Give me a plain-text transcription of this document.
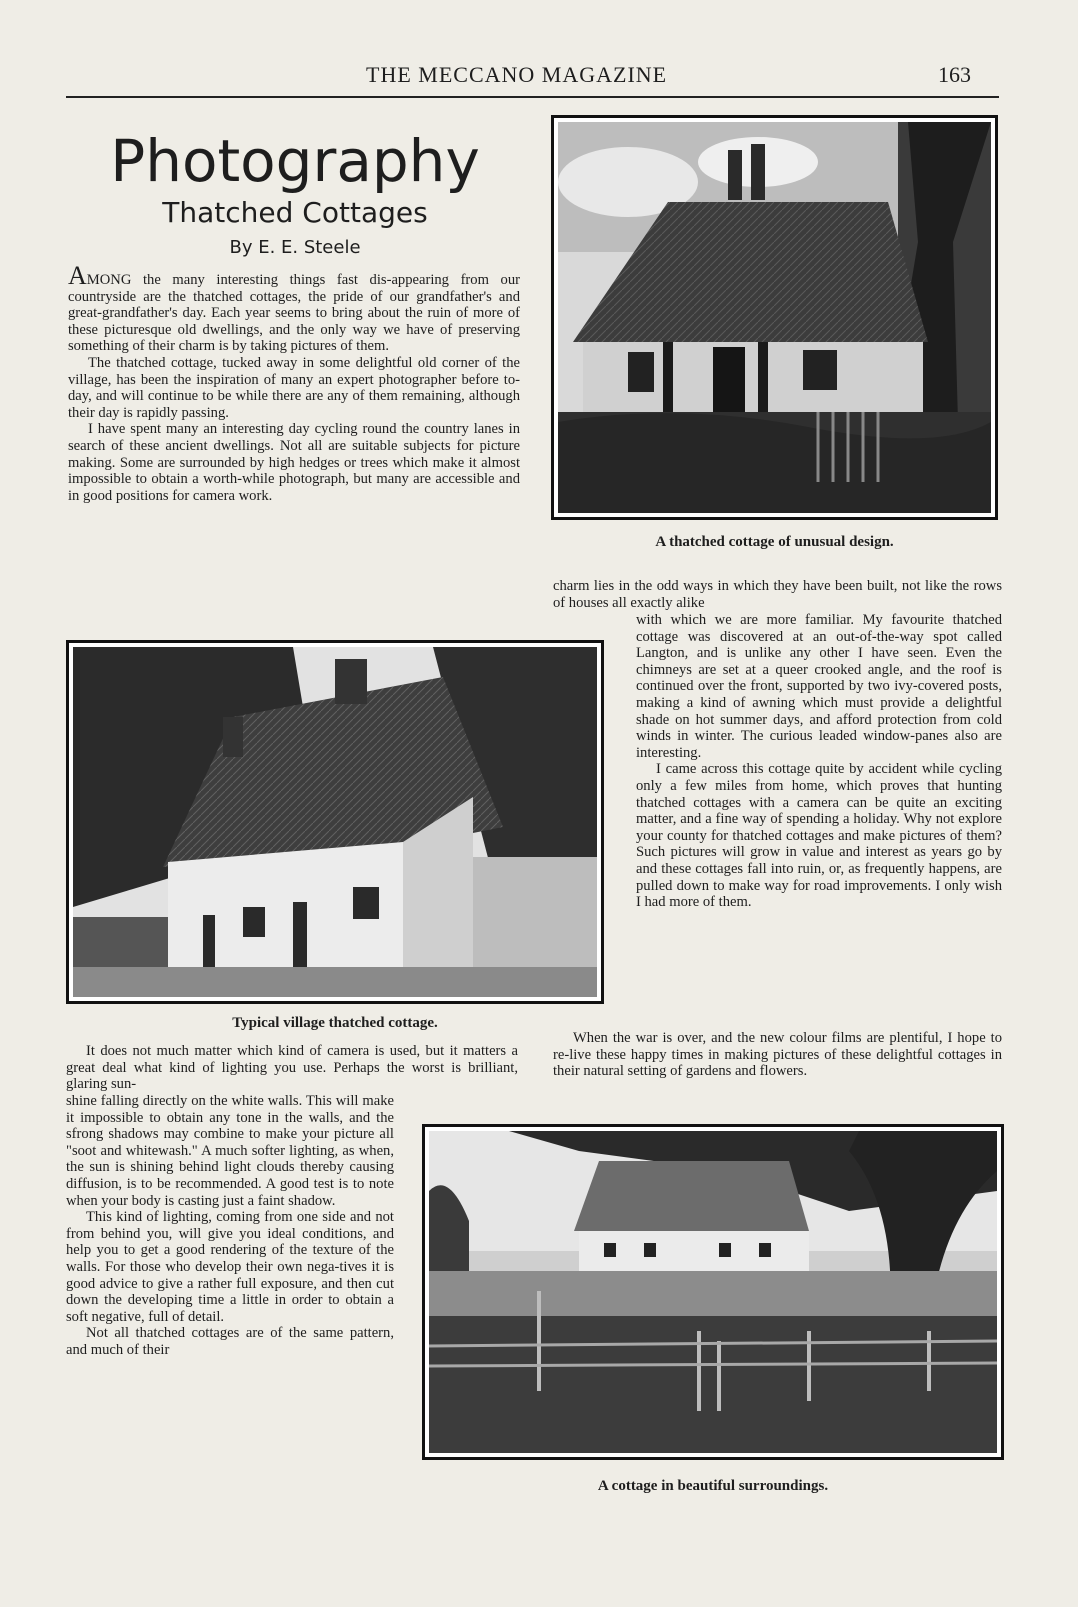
THE MECCANO MAGAZINE	163
Photography
Thatched Cottages
By E. E. Steele

AMONG the many interesting things fast dis-appearing from our countryside are the thatched cottages, the pride of our grandfather's and great-grandfather's day. Each year seems to bring about the ruin of more of these picturesque old dwellings, and the only way we have of preserving something of their charm is by taking pictures of them.

The thatched cottage, tucked away in some delightful old corner of the village, has been the inspiration of many an expert photographer before to-day, and will continue to be while there are any of them remaining, although their day is rapidly passing.

I have spent many an interesting day cycling round the country lanes in search of these ancient dwellings. Not all are suitable subjects for picture making. Some are surrounded by high hedges or trees which make it almost impossible to obtain a worth-while photograph, but many are accessible and in good positions for camera work.

A thatched cottage of unusual design.
Typical village thatched cottage.

charm lies in the odd ways in which they have been built, not like the rows of houses all exactly alike

with which we are more familiar. My favourite thatched cottage was discovered at an out-of-the-way spot called Langton, and is unlike any other I have seen. Even the chimneys are set at a queer crooked angle, and the roof is continued over the front, supported by two ivy-covered posts, making a kind of awning which must provide a delightful shade on hot summer days, and afford protection from cold winds in winter. The curious leaded window-panes also are interesting.

I came across this cottage quite by accident while cycling only a few miles from home, which proves that hunting thatched cottages with a camera can be quite an exciting matter, and a fine way of spending a holiday. Why not explore your county for thatched cottages and make pictures of them? Such pictures will grow in value and interest as years go by and these cottages fall into ruin, or, as frequently happens, are pulled down to make way for road improvements. I only wish I had more of them.

When the war is over, and the new colour films are plentiful, I hope to re-live these happy times in making pictures of these delightful cottages in their natural setting of gardens and flowers.

It does not much matter which kind of camera is used, but it matters a great deal what kind of lighting you use. Perhaps the worst is brilliant, glaring sun-

shine falling directly on the white walls. This will make it impossible to obtain any tone in the walls, and the sfrong shadows may combine to make your picture all "soot and whitewash." A much softer lighting, as when, the sun is shining behind light clouds thereby causing diffusion, is to be recommended. A good test is to note when your body is casting just a faint shadow.

This kind of lighting, coming from one side and not from behind you, will give you ideal conditions, and help you to get a good rendering of the texture of the walls. For those who develop their own nega-tives it is good advice to give a rather full exposure, and then cut down the developing time a little in order to obtain a soft negative, full of detail.

Not all thatched cottages are of the same pattern, and much of their

A cottage in beautiful surroundings.
